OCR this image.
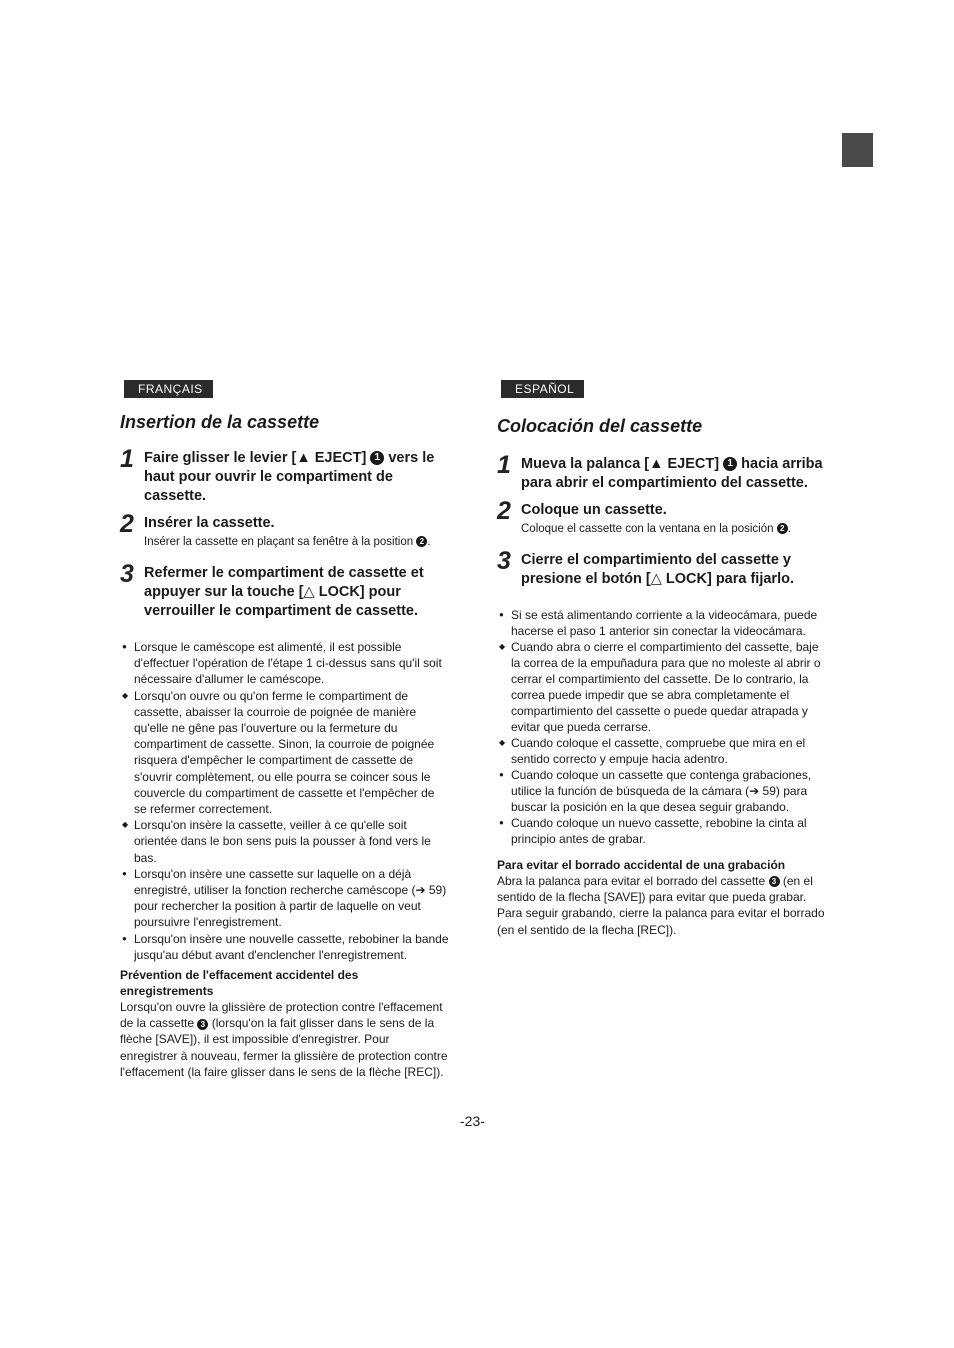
FRANÇAIS
Insertion de la cassette
1 Faire glisser le levier [▲ EJECT] 1 vers le haut pour ouvrir le compartiment de cassette.
2 Insérer la cassette.
Insérer la cassette en plaçant sa fenêtre à la position 2 .
3 Refermer le compartiment de cassette et appuyer sur la touche [△ LOCK] pour verrouiller le compartiment de cassette.
● Lorsque le caméscope est alimenté, il est possible d'effectuer l'opération de l'étape 1 ci-dessus sans qu'il soit nécessaire d'allumer le caméscope.
◆ Lorsqu'on ouvre ou qu'on ferme le compartiment de cassette, abaisser la courroie de poignée de manière qu'elle ne gêne pas l'ouverture ou la fermeture du compartiment de cassette. Sinon, la courroie de poignée risquera d'empêcher le compartiment de cassette de s'ouvrir complètement, ou elle pourra se coincer sous le couvercle du compartiment de cassette et l'empêcher de se refermer correctement.
◆ Lorsqu'on insère la cassette, veiller à ce qu'elle soit orientée dans le bon sens puis la pousser à fond vers le bas.
● Lorsqu'on insère une cassette sur laquelle on a déjà enregistré, utiliser la fonction recherche caméscope (➔ 59) pour rechercher la position à partir de laquelle on veut poursuivre l'enregistrement.
● Lorsqu'on insère une nouvelle cassette, rebobiner la bande jusqu'au début avant d'enclencher l'enregistrement.
Prévention de l'effacement accidentel des enregistrements
Lorsqu'on ouvre la glissière de protection contre l'effacement de la cassette 3 (lorsqu'on la fait glisser dans le sens de la flèche [SAVE]), il est impossible d'enregistrer. Pour enregistrer à nouveau, fermer la glissière de protection contre l'effacement (la faire glisser dans le sens de la flèche [REC]).
ESPAÑOL
Colocación del cassette
1 Mueva la palanca [▲ EJECT] 1 hacia arriba para abrir el compartimiento del cassette.
2 Coloque un cassette.
Coloque el cassette con la ventana en la posición 2 .
3 Cierre el compartimiento del cassette y presione el botón [△ LOCK] para fijarlo.
● Si se está alimentando corriente a la videocámara, puede hacerse el paso 1 anterior sin conectar la videocámara.
◆ Cuando abra o cierre el compartimiento del cassette, baje la correa de la empuñadura para que no moleste al abrir o cerrar el compartimiento del cassette. De lo contrario, la correa puede impedir que se abra completamente el compartimiento del cassette o puede quedar atrapada y evitar que pueda cerrarse.
◆ Cuando coloque el cassette, compruebe que mira en el sentido correcto y empuje hacia adentro.
● Cuando coloque un cassette que contenga grabaciones, utilice la función de búsqueda de la cámara (➔ 59) para buscar la posición en la que desea seguir grabando.
● Cuando coloque un nuevo cassette, rebobine la cinta al principio antes de grabar.
Para evitar el borrado accidental de una grabación
Abra la palanca para evitar el borrado del cassette 3 (en el sentido de la flecha [SAVE]) para evitar que pueda grabar. Para seguir grabando, cierre la palanca para evitar el borrado (en el sentido de la flecha [REC]).
-23-
